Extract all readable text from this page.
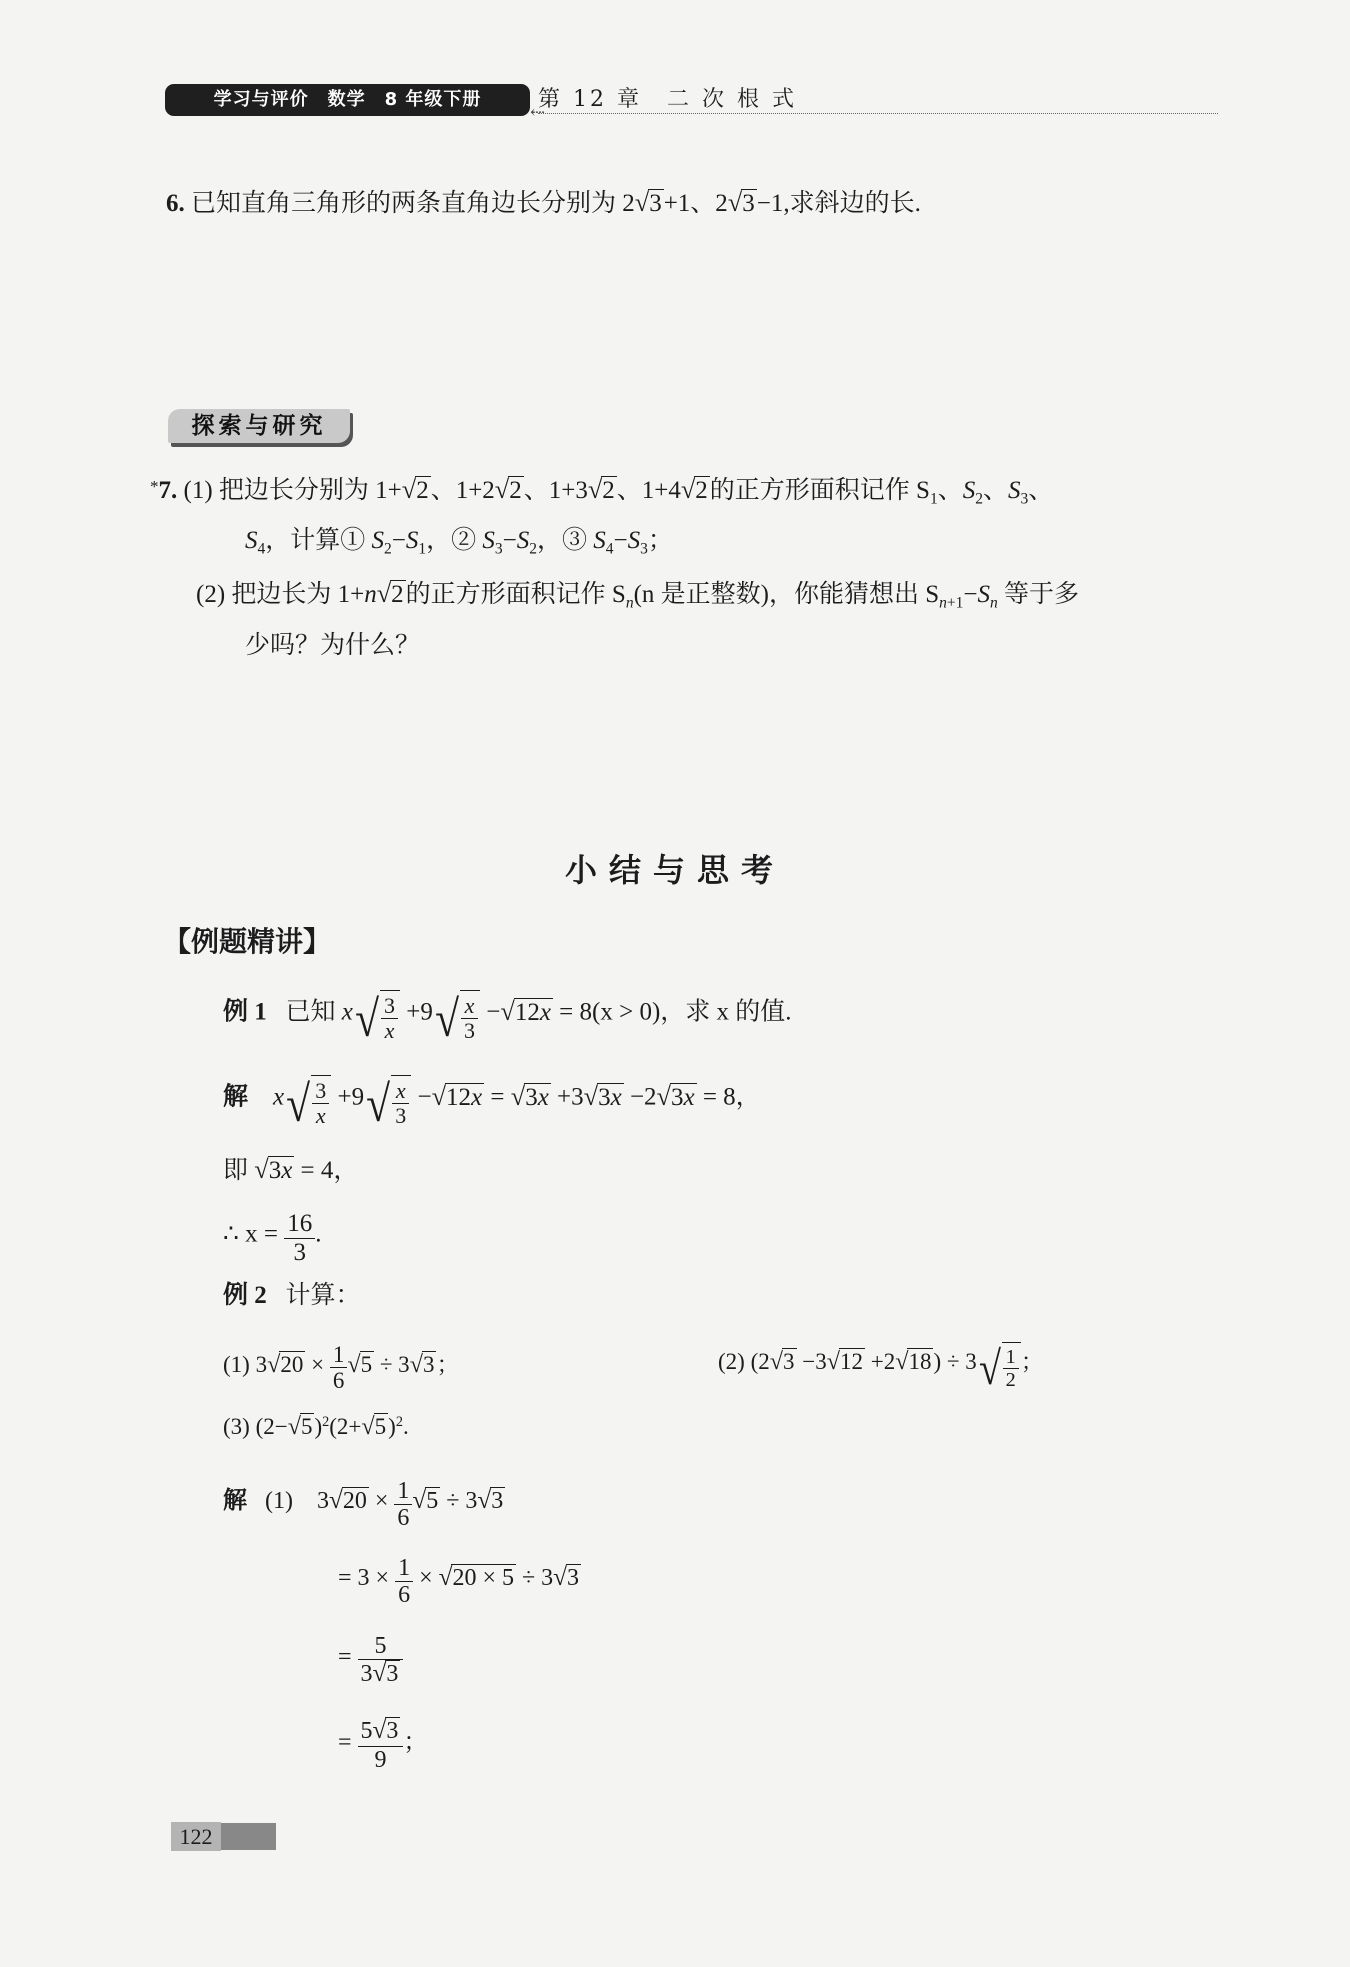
学习与评价　数学　8 年级下册	第 12 章　二 次 根 式
⇠
6. 已知直角三角形的两条直角边长分别为 2√3+1、2√3−1,求斜边的长.
探索与研究
*7. (1) 把边长分别为 1+√2、1+2√2、1+3√2、1+4√2的正方形面积记作 $S_1$、$S_2$、$S_3$、
$S_4$，计算① $S_2-S_1$，② $S_3-S_2$，③ $S_4-S_3$；
(2) 把边长为 1+n√2的正方形面积记作 $S_n(n$ 是正整数)，你能猜想出 $S_{n+1}-S_n$ 等于多
少吗？为什么？
小结与思考
【例题精讲】
例 1 已知 $x√ \frac{3}{x} +9√ \frac{x}{3} -√12x = 8(x > 0)$，求 x 的值.
解 $x√ \frac{3}{x} +9√ \frac{x}{3} -√12x = √3x +3√3x -2√3x = 8$，
即 √3x = 4，
∴ $x = \frac{16}{3}$ .
例 2 计算：
(1) $3√20 \times \frac{1}{6} √5 \div 3√3$；	(2) $(2√3 -3√12 +2√18) \div 3√ \frac{1}{2}$ ；
(3) $(2-√5)^2(2+√5)^2$.
解 (1)    $3√20 \times \frac{1}{6} √5 \div 3√3$
= $3 \times \frac{1}{6} \times √20 \times 5 \div 3√3$
= $\frac{5}{3√3}$
= $\frac{5√3}{9}$ ；
122
